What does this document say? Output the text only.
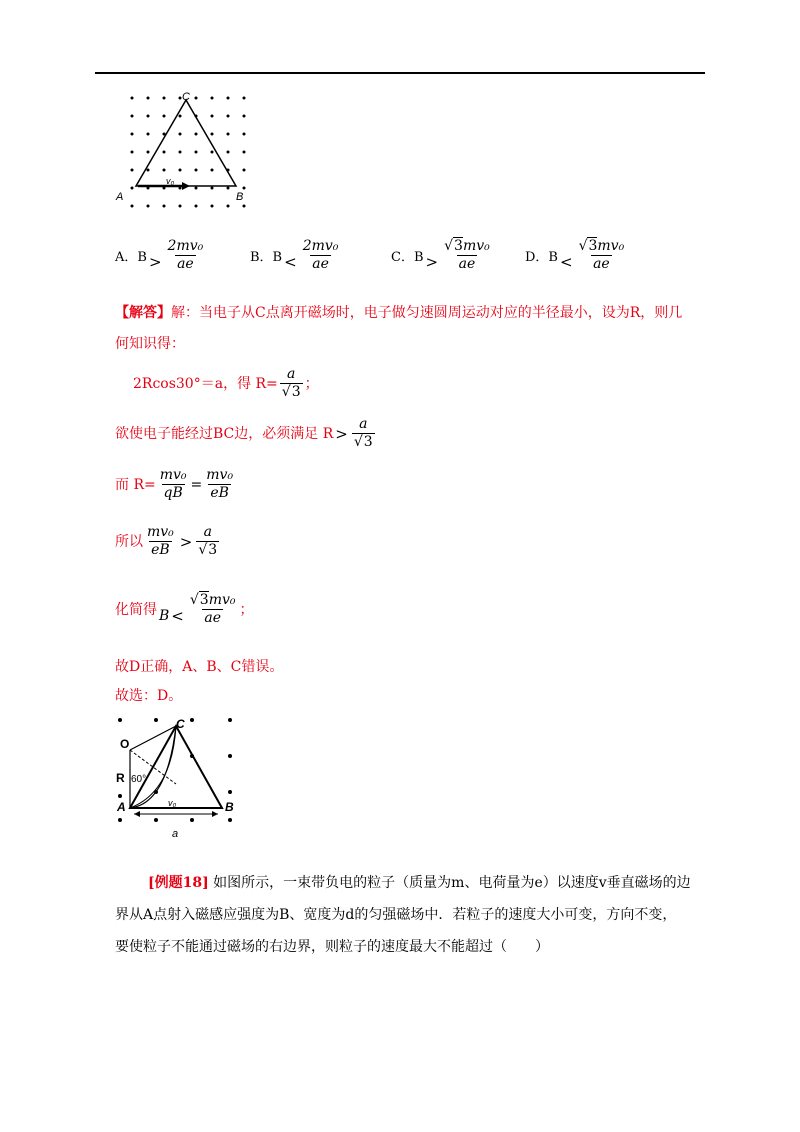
C
A	B
v₀
A．$B > \frac{\text{2mv₀}}{ae}$	B．$B < \frac{\text{2mv₀}}{ae}$	C．$B > \frac{\text{√3mv₀}}{ae}$	D．$B < \frac{\text{√3mv₀}}{ae}$
【解答】解：当电子从C点离开磁场时，电子做匀速圆周运动对应的半径最小，设为R，则几
何知识得：
2Rcos30°＝a，得 $R= \frac{a}{√3}$ ；
欲使电子能经过BC边，必须满足 $R > \frac{a}{√3}$
而 $R= \frac{\text{mv₀}}{qB} = \frac{\text{mv₀}}{eB}$
所以 $\frac{\text{mv₀}}{eB} > \frac{a}{√3}$
化简得 $B < \frac{\text{√3mv₀}}{ae}$ ；
故D正确，A、B、C错误。
故选：D。
O
C
R 60°
v₀
A	B
a
[例题18] 如图所示，一束带负电的粒子（质量为m、电荷量为e）以速度v垂直磁场的边
界从A点射入磁感应强度为B、宽度为d的匀强磁场中．若粒子的速度大小可变，方向不变，
要使粒子不能通过磁场的右边界，则粒子的速度最大不能超过（　　）
